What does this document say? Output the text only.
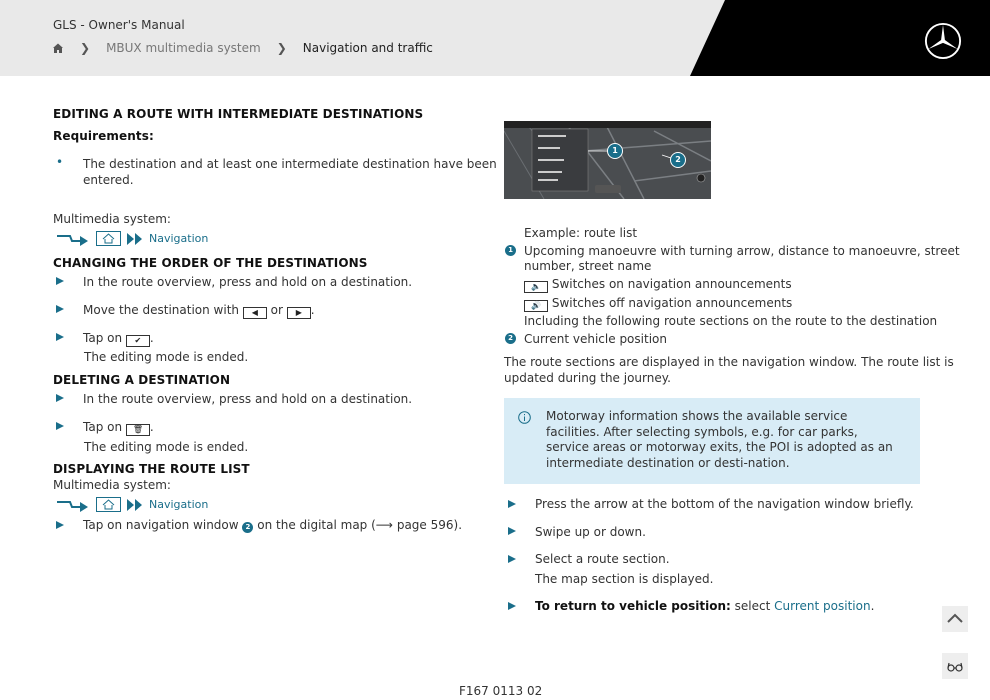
GLS - Owner's Manual
❯ MBUX multimedia system ❯ Navigation and traffic
EDITING A ROUTE WITH INTERMEDIATE DESTINATIONS
Requirements:
• The destination and at least one intermediate destination have been
entered.
Multimedia system:
Navigation
CHANGING THE ORDER OF THE DESTINATIONS
In the route overview, press and hold on a destination.
Move the destination with ◀ or ▶ .
Tap on ✔ .
The editing mode is ended.
DELETING A DESTINATION
In the route overview, press and hold on a destination.
Tap on 🗑 .
The editing mode is ended.
DISPLAYING THE ROUTE LIST
Multimedia system:
Navigation
Tap on navigation window 2 on the digital map (⟶ page 596).
1
2
Example: route list
1 Upcoming manoeuvre with turning arrow, distance to manoeuvre, street
number, street name
🔈 Switches on navigation announcements
🔊 Switches off navigation announcements
Including the following route sections on the route to the destination
2 Current vehicle position
The route sections are displayed in the navigation window. The route list is
updated during the journey.
Motorway information shows the available service facilities. After selecting symbols, e.g. for car parks, service areas or motorway exits, the POI is adopted as an intermediate destination or desti-nation.
Press the arrow at the bottom of the navigation window briefly.
Swipe up or down.
Select a route section.
The map section is displayed.
To return to vehicle position: select Current position.
F167 0113 02
